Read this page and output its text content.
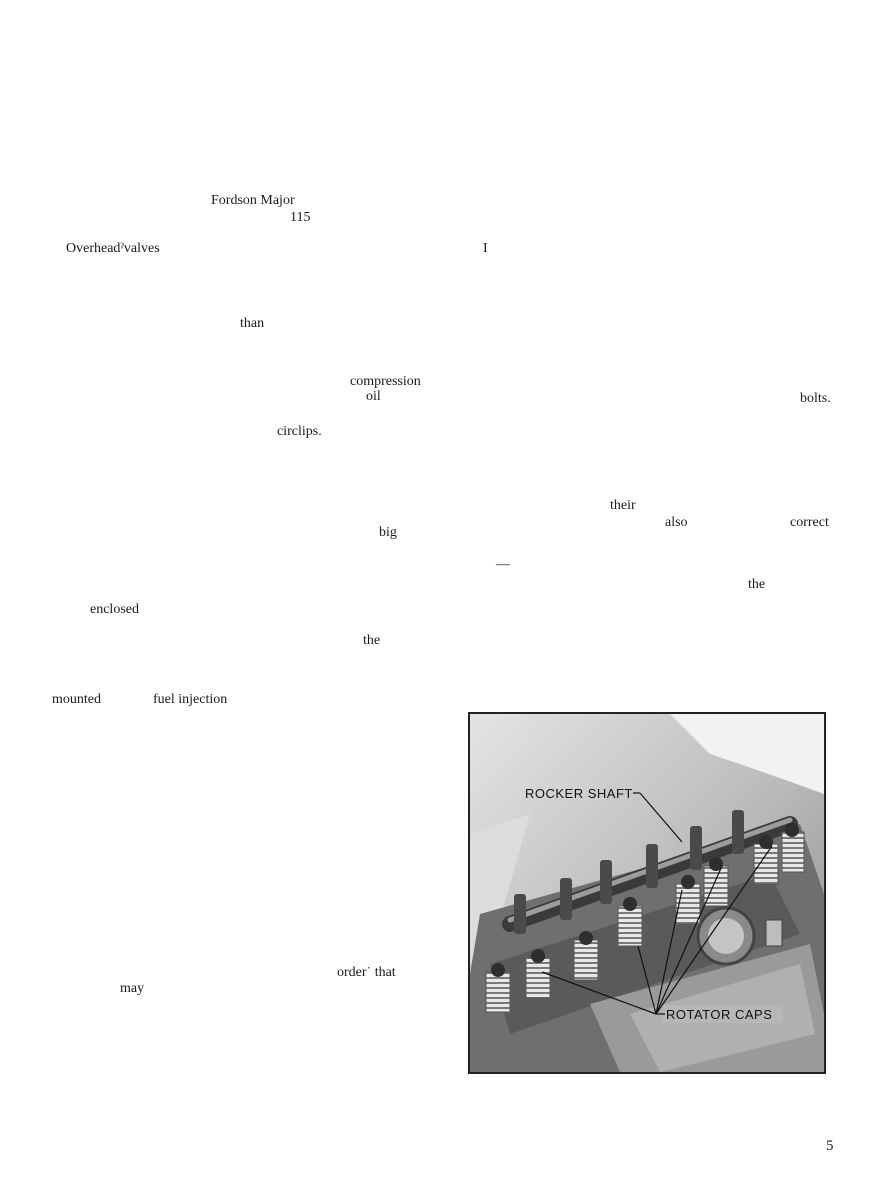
Fordson Major
115
Overheadˀvalves	I
than
compression
oil	bolts.
circlips.
their
also	correct
big
—
the
enclosed
the
mounted	fuel injection
order˙ that
may
ROCKER SHAFT
ROTATOR CAPS
5
